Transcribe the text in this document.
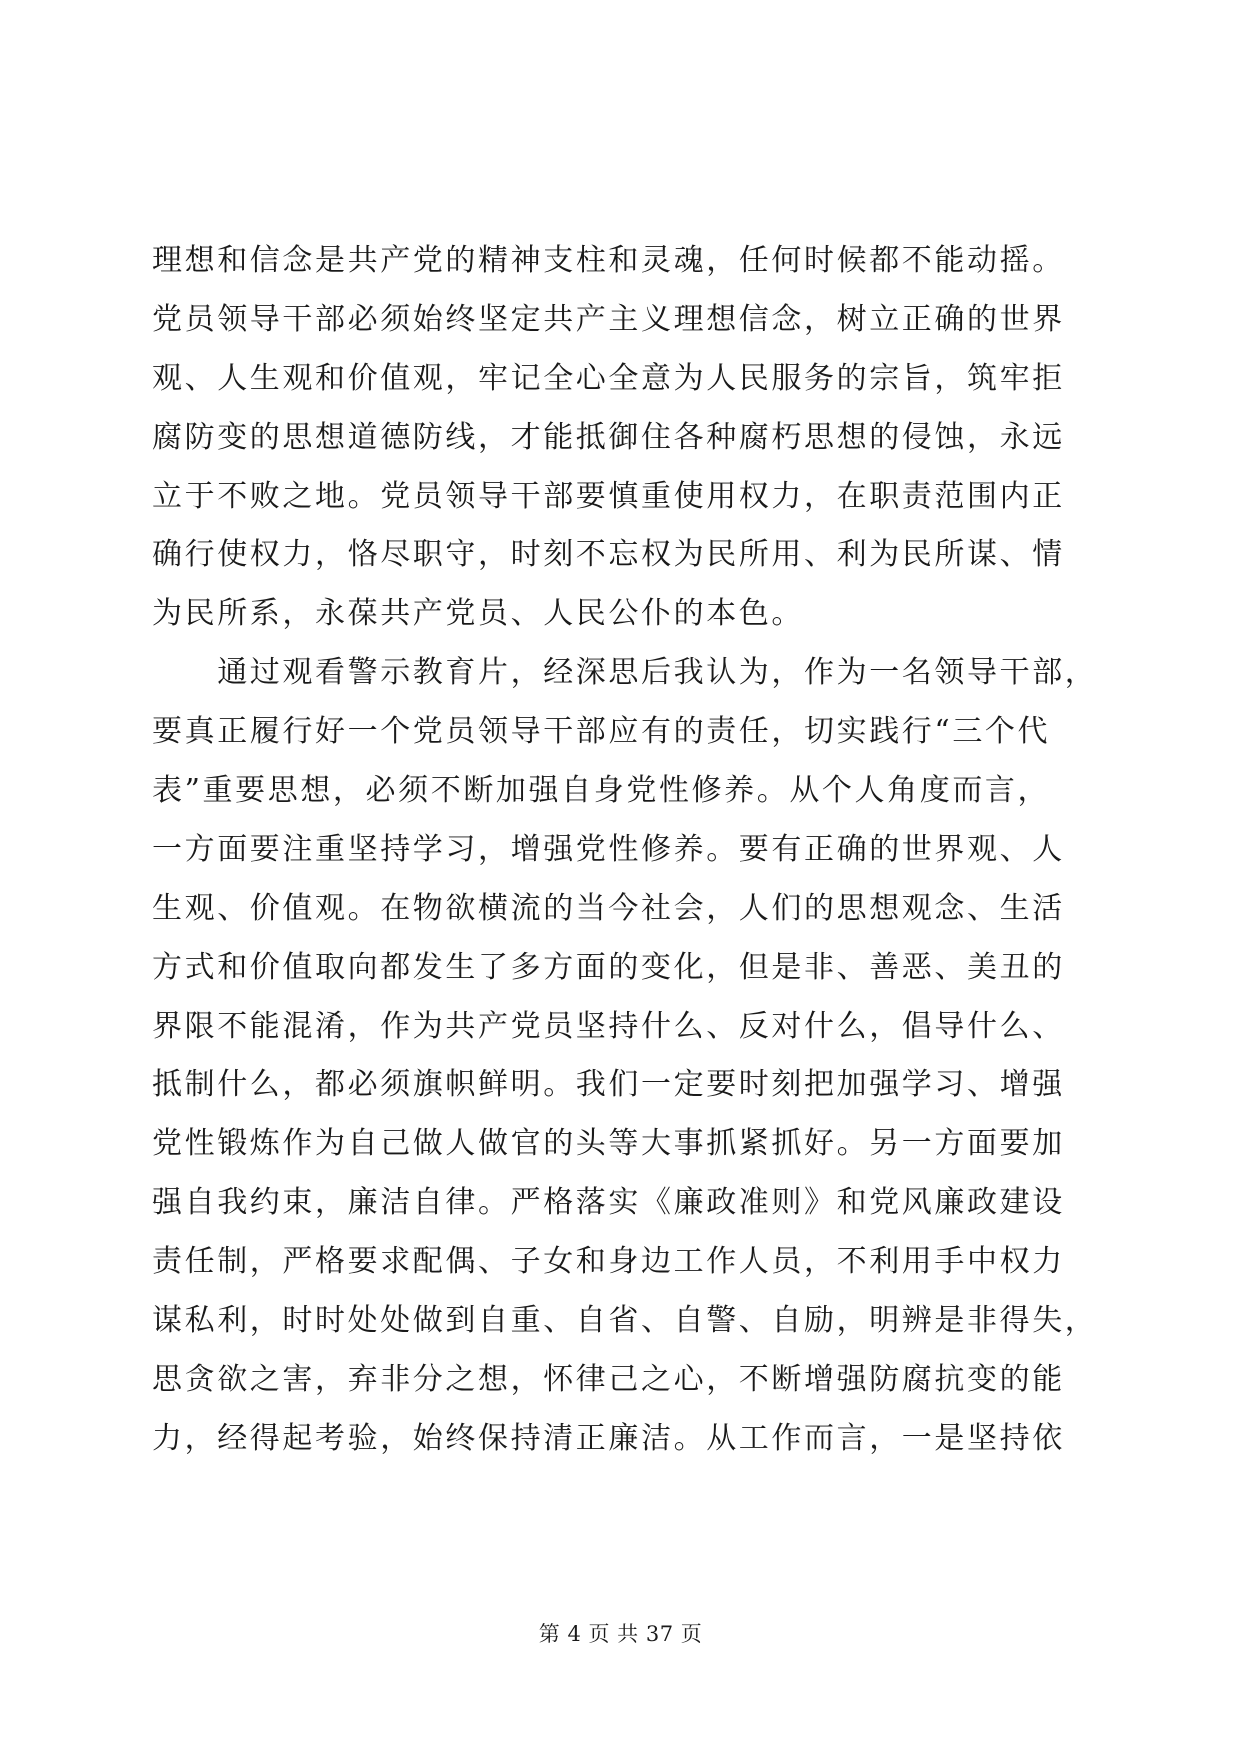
理想和信念是共产党的精神支柱和灵魂，任何时候都不能动摇。
党员领导干部必须始终坚定共产主义理想信念，树立正确的世界
观、人生观和价值观，牢记全心全意为人民服务的宗旨，筑牢拒
腐防变的思想道德防线，才能抵御住各种腐朽思想的侵蚀，永远
立于不败之地。党员领导干部要慎重使用权力，在职责范围内正
确行使权力，恪尽职守，时刻不忘权为民所用、利为民所谋、情
为民所系，永葆共产党员、人民公仆的本色。
　　通过观看警示教育片，经深思后我认为，作为一名领导干部，
要真正履行好一个党员领导干部应有的责任，切实践行“三个代
表”重要思想，必须不断加强自身党性修养。从个人角度而言，
一方面要注重坚持学习，增强党性修养。要有正确的世界观、人
生观、价值观。在物欲横流的当今社会，人们的思想观念、生活
方式和价值取向都发生了多方面的变化，但是非、善恶、美丑的
界限不能混淆，作为共产党员坚持什么、反对什么，倡导什么、
抵制什么，都必须旗帜鲜明。我们一定要时刻把加强学习、增强
党性锻炼作为自己做人做官的头等大事抓紧抓好。另一方面要加
强自我约束，廉洁自律。严格落实《廉政准则》和党风廉政建设
责任制，严格要求配偶、子女和身边工作人员，不利用手中权力
谋私利，时时处处做到自重、自省、自警、自励，明辨是非得失，
思贪欲之害，弃非分之想，怀律己之心，不断增强防腐抗变的能
力，经得起考验，始终保持清正廉洁。从工作而言，一是坚持依
第 4 页 共 37 页
